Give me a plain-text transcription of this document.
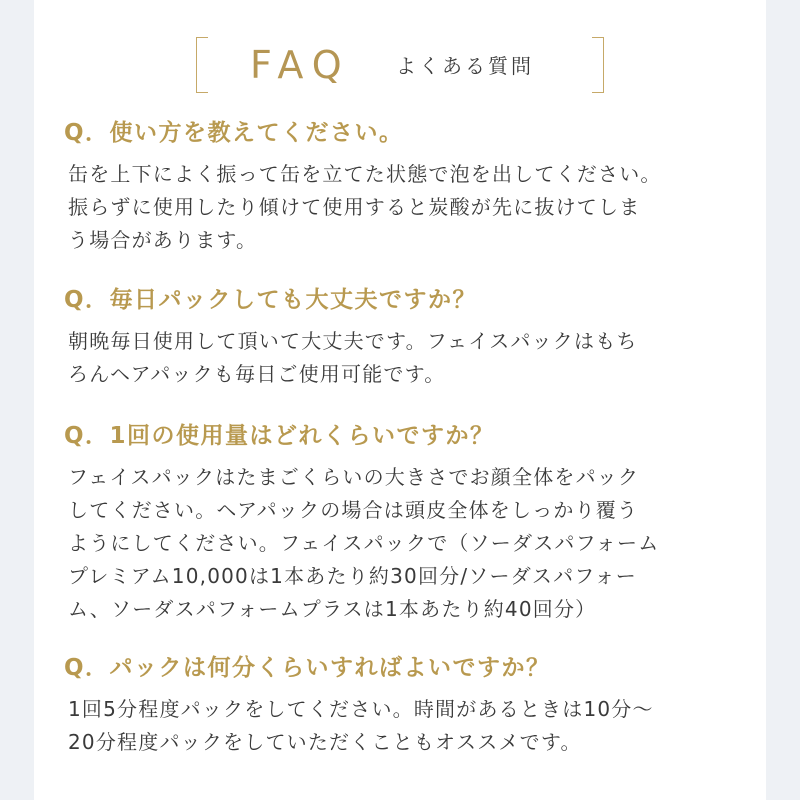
FAQ よくある質問
Q．使い方を教えてください。
缶を上下によく振って缶を立てた状態で泡を出してください。
振らずに使用したり傾けて使用すると炭酸が先に抜けてしま
う場合があります。
Q．毎日パックしても大丈夫ですか？
朝晩毎日使用して頂いて大丈夫です。フェイスパックはもち
ろんヘアパックも毎日ご使用可能です。
Q．1回の使用量はどれくらいですか？
フェイスパックはたまごくらいの大きさでお顔全体をパック
してください。ヘアパックの場合は頭皮全体をしっかり覆う
ようにしてください。フェイスパックで（ソーダスパフォーム
プレミアム10,000は1本あたり約30回分/ソーダスパフォー
ム、ソーダスパフォームプラスは1本あたり約40回分）
Q．パックは何分くらいすればよいですか？
1回5分程度パックをしてください。時間があるときは10分～
20分程度パックをしていただくこともオススメです。
